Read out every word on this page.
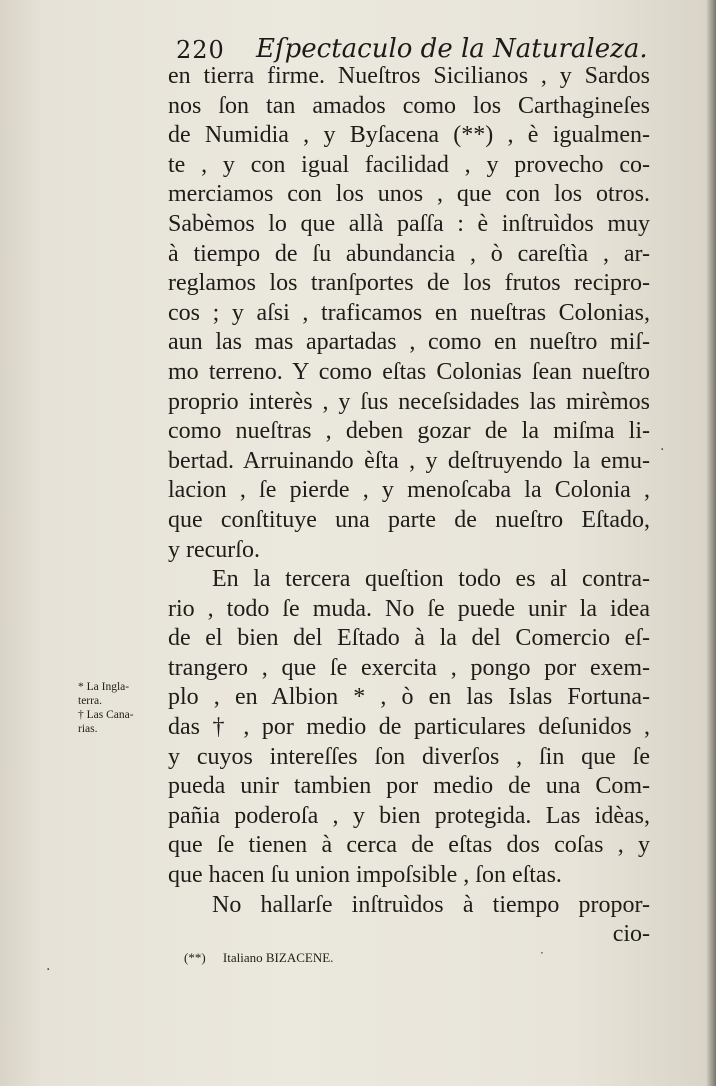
220 Eſpectaculo de la Naturaleza.
en tierra firme. Nueſtros Sicilianos , y Sardos
nos ſon tan amados como los Carthagineſes
de Numidia , y Byſacena (**) , è igualmen-
te , y con igual facilidad , y provecho co-
merciamos con los unos , que con los otros.
Sabèmos lo que allà paſſa : è inſtruìdos muy
à tiempo de ſu abundancia , ò careſtìa , ar-
reglamos los tranſportes de los frutos recipro-
cos ; y aſsi , traficamos en nueſtras Colonias,
aun las mas apartadas , como en nueſtro miſ-
mo terreno. Y como eſtas Colonias ſean nueſtro
proprio interès , y ſus neceſsidades las mirèmos
como nueſtras , deben gozar de la miſma li-
bertad. Arruinando èſta , y deſtruyendo la emu-
lacion , ſe pierde , y menoſcaba la Colonia ,
que conſtituye una parte de nueſtro Eſtado,
y recurſo.
En la tercera queſtion todo es al contra-
rio , todo ſe muda. No ſe puede unir la idea
de el bien del Eſtado à la del Comercio eſ-
trangero , que ſe exercita , pongo por exem-
plo , en Albion * , ò en las Islas Fortuna-
das † , por medio de particulares deſunidos ,
y cuyos intereſſes ſon diverſos , ſin que ſe
pueda unir tambien por medio de una Com-
pañia poderoſa , y bien protegida. Las idèas,
que ſe tienen à cerca de eſtas dos coſas , y
que hacen ſu union impoſsible , ſon eſtas.
No hallarſe inſtruìdos à tiempo propor-
cio-
* La Ingla-
terra.
† Las Cana-
rias.
(**) Italiano BIZACENE.
·
·
·
